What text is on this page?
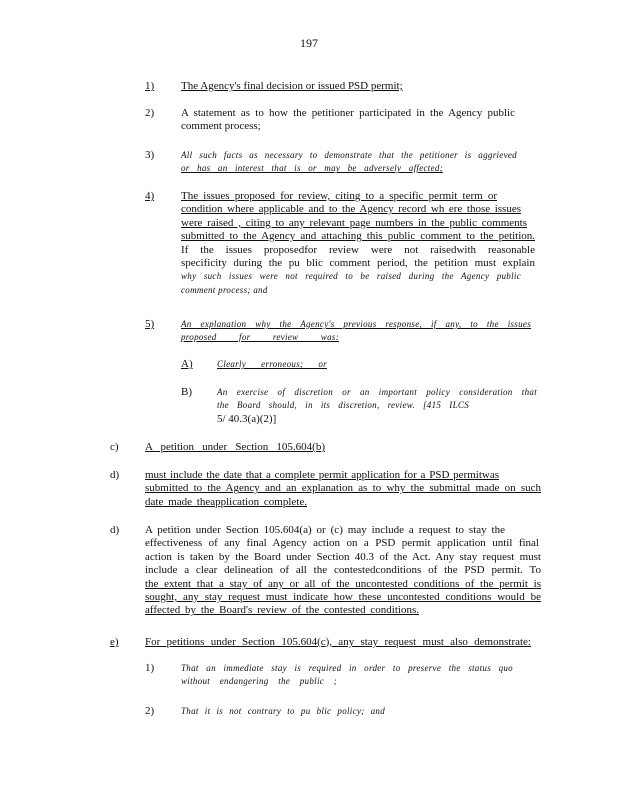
197
1) The Agency's final decision or issued PSD permit;
2) A statement as to how the petitioner participated in the Agency public
comment process;
3)	All such facts as necessary to demonstrate that the petitioner is aggrieved
or has an interest that is or may be adversely affected;
4) The issues proposed for review, citing to a specific permit term or
condition where applicable and to the Agency record wh ere those issues
were raised , citing to any relevant page numbers in the public comments
submitted to the Agency and attaching this public comment to the petition.
If the issues proposedfor review were not raisedwith reasonable
specificity during the pu blic comment period, the petition must explain
why such issues were not required to be raised during the Agency public
comment process; and
5)	An explanation why the Agency's previous response, if any, to the issues
proposed for review was:
A)	Clearly erroneous; or
B)	An exercise of discretion or an important policy consideration that
the Board should, in its discretion, review. [415 ILCS
5/ 40.3(a)(2)]
c) A petition under Section 105.604(b)
d) must include the date that a complete permit application for a PSD permitwas
submitted to the Agency and an explanation as to why the submittal made on such
date made theapplication complete.
d) A petition under Section 105.604(a) or (c) may include a request to stay the
effectiveness of any final Agency action on a PSD permit application until final
action is taken by the Board under Section 40.3 of the Act. Any stay request must
include a clear delineation of all the contestedconditions of the PSD permit. To
the extent that a stay of any or all of the uncontested conditions of the permit is
sought, any stay request must indicate how these uncontested conditions would be
affected by the Board's review of the contested conditions.
e) For petitions under Section 105.604(c), any stay request must also demonstrate:
1)	That an immediate stay is required in order to preserve the status quo
without endangering the public ;
2)	That it is not contrary to pu blic policy; and
